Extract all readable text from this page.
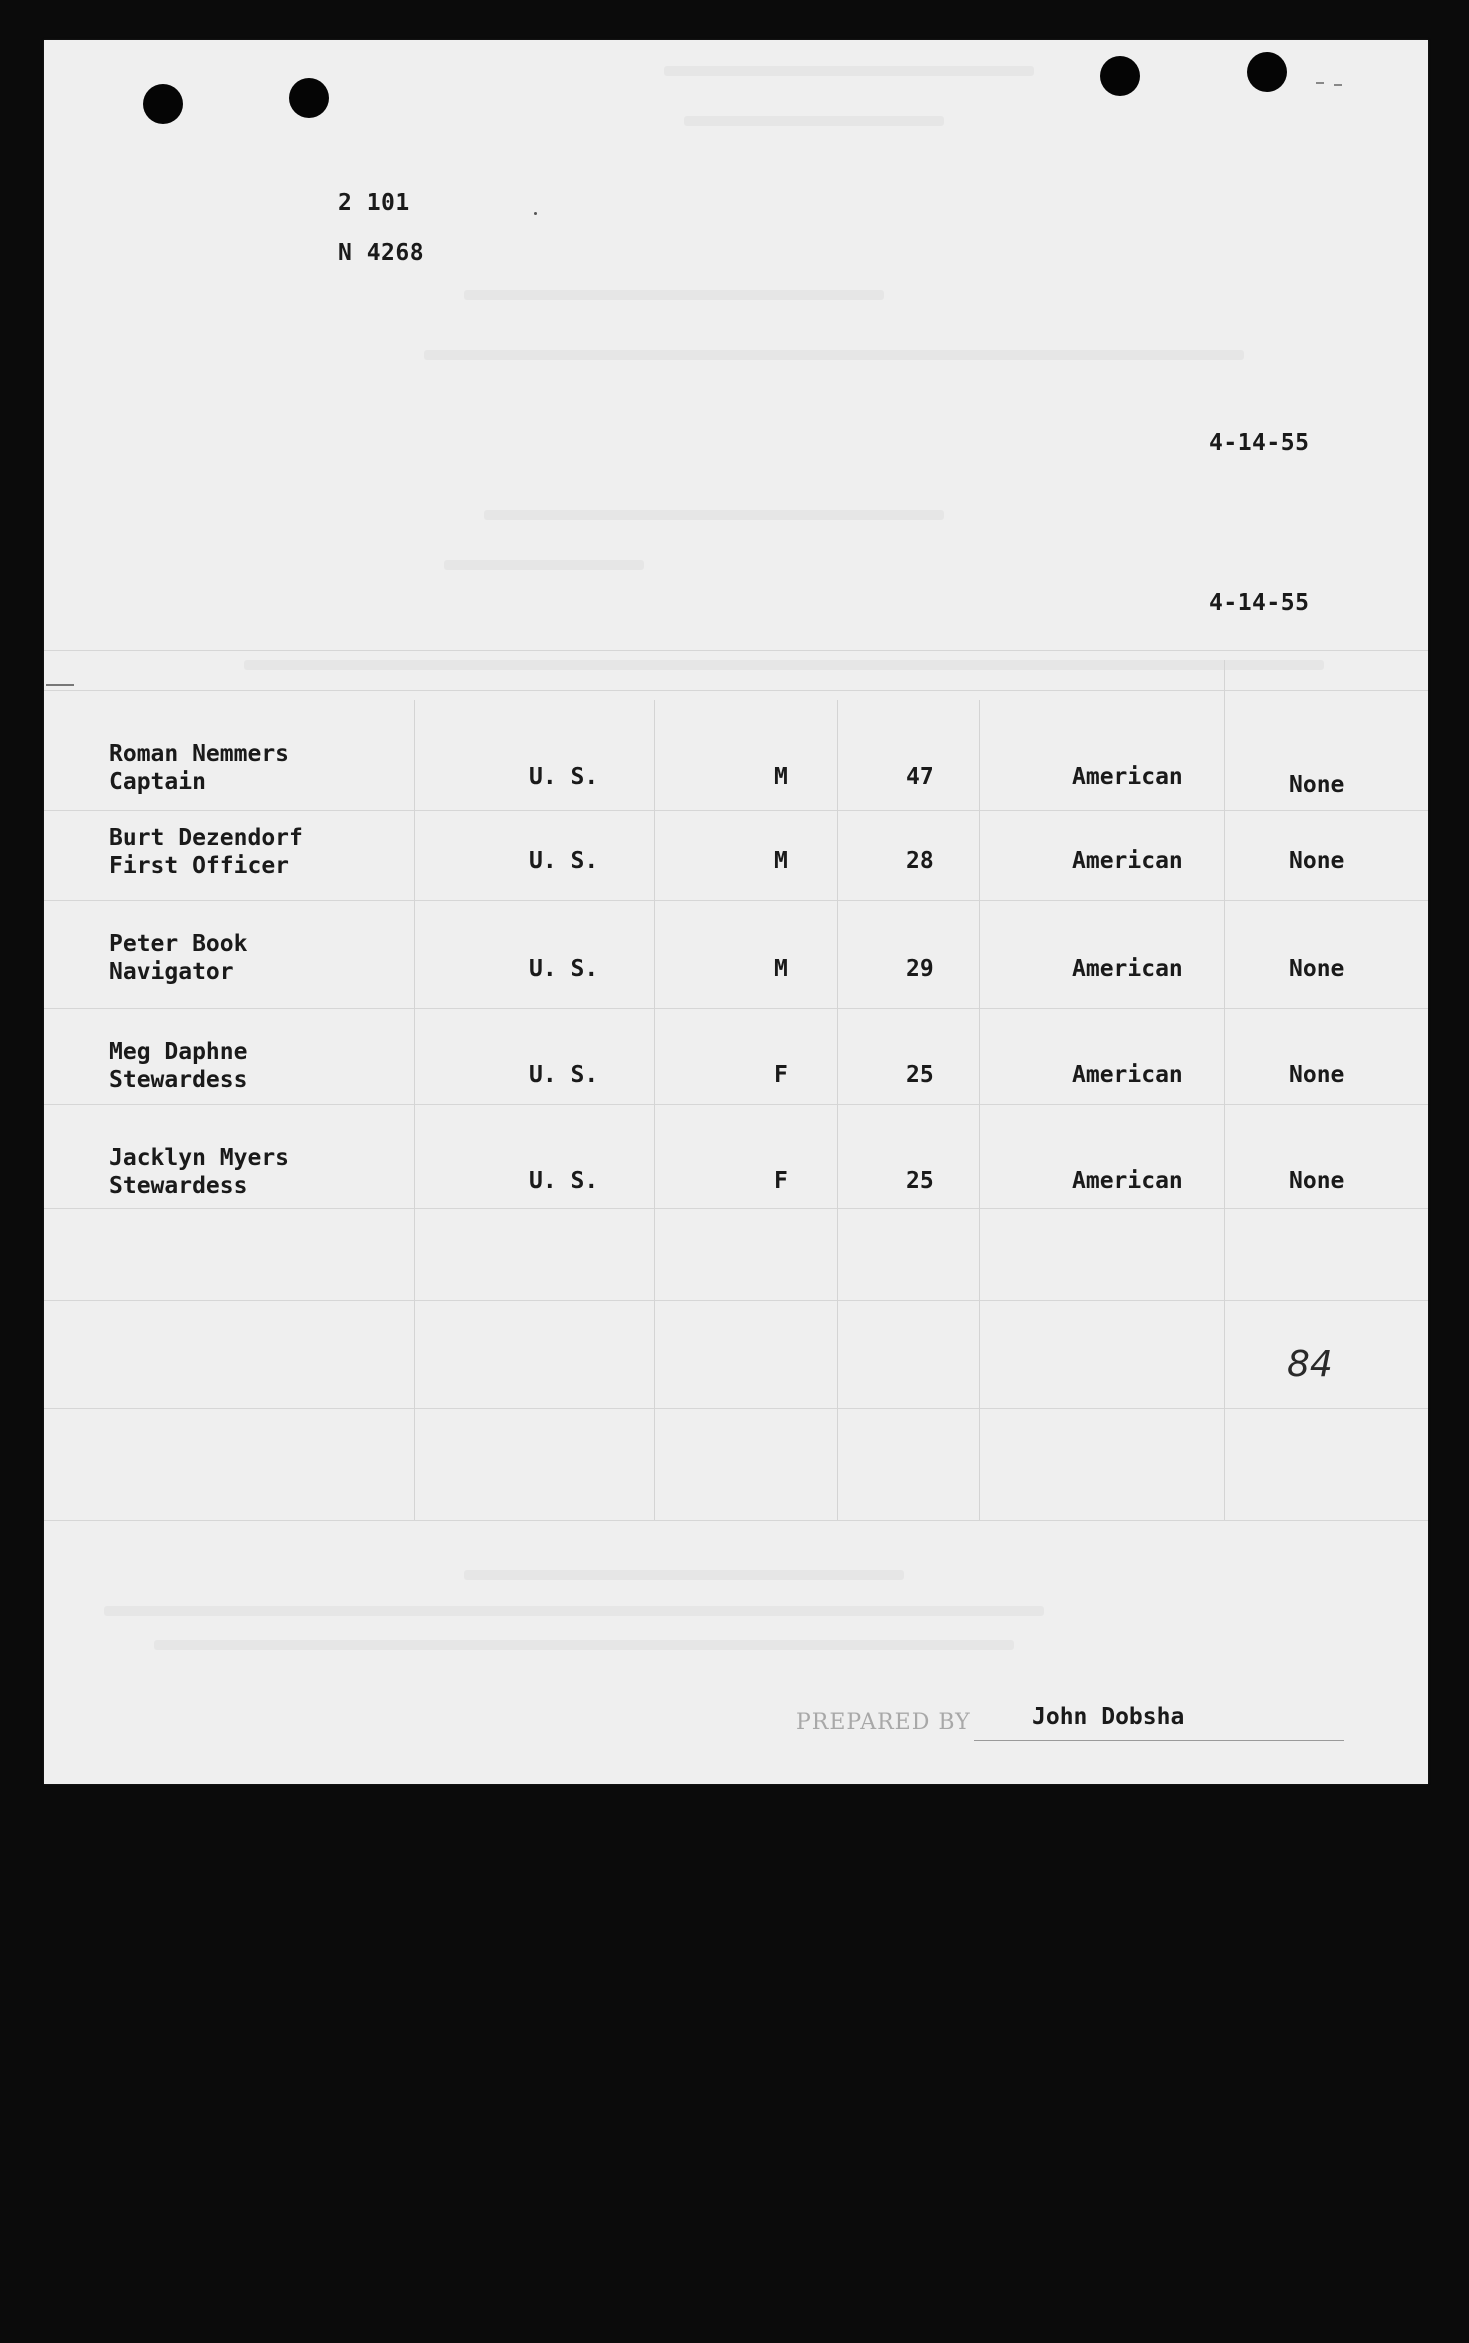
2 101
N 4268
4-14-55
4-14-55
Roman Nemmers
Captain	U. S.	M	47	American	None
Burt Dezendorf
First Officer	U. S.	M	28	American	None
Peter Book
Navigator	U. S.	M	29	American	None
Meg Daphne
Stewardess	U. S.	F	25	American	None
Jacklyn Myers
Stewardess	U. S.	F	25	American	None
84
PREPARED BY	John Dobsha
